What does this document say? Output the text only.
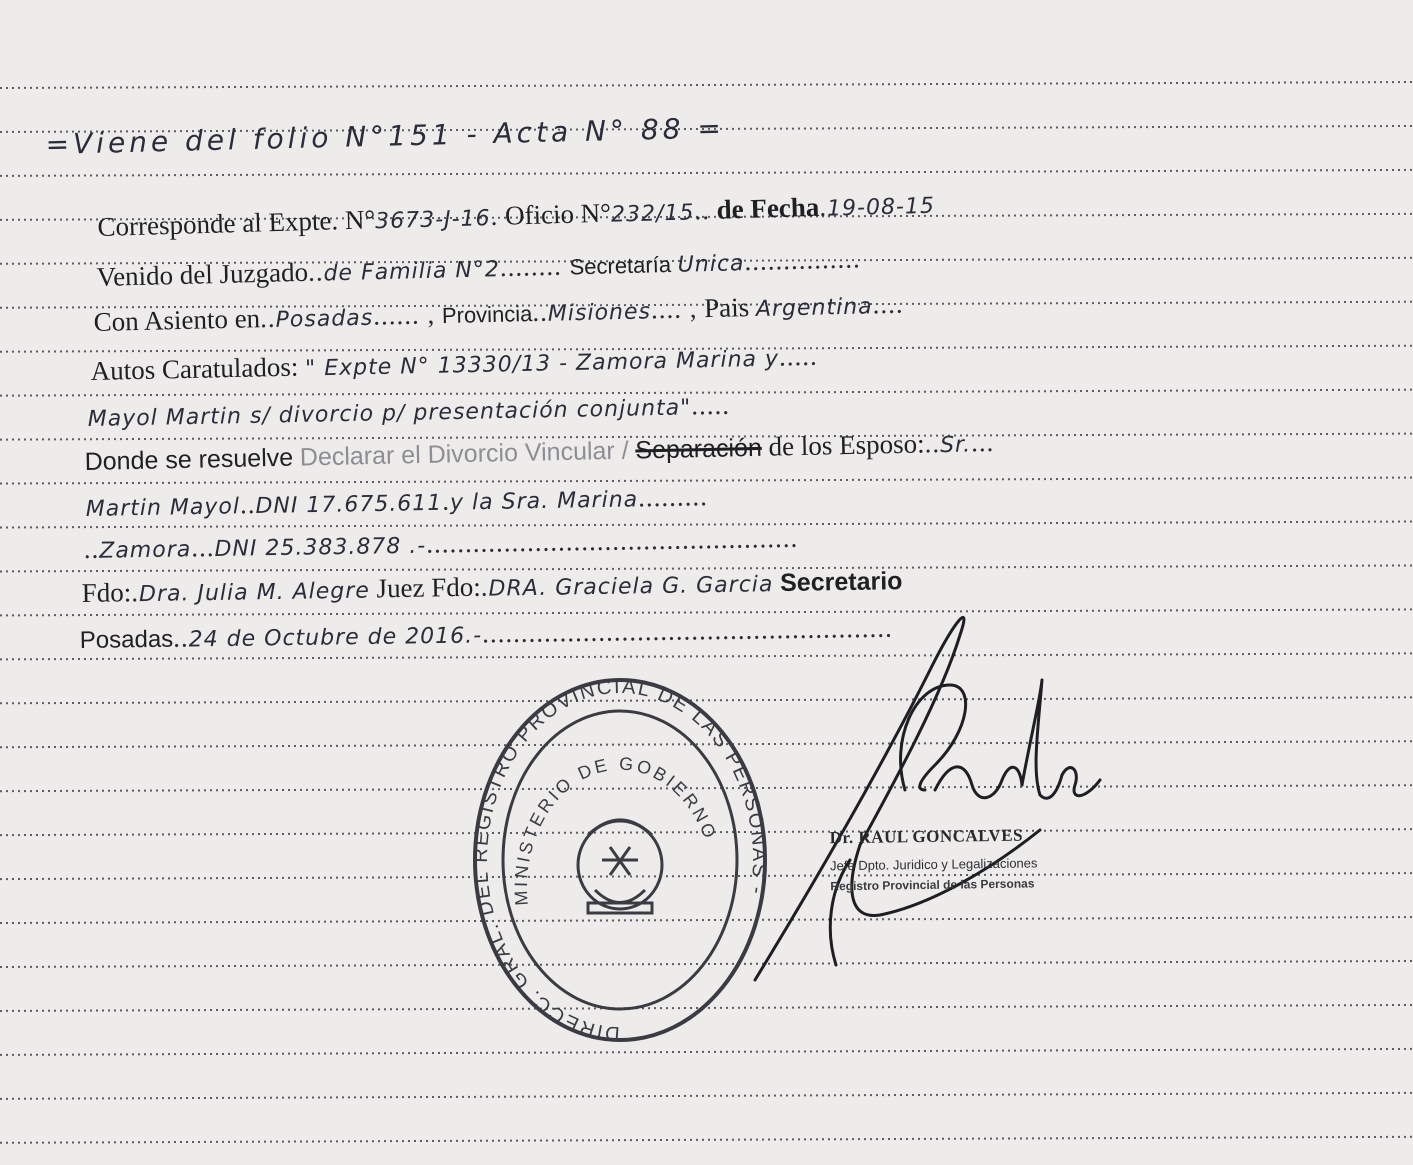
=Viene del folio N°151 - Acta N° 88 =
Corresponde al Expte. N°3673-J-16. Oficio N°232/15.. de Fecha.19-08-15
Venido del Juzgado..de Familia N°2........ Secretaría Unica...............
Con Asiento en..Posadas...... , Provincia..Misiones.... , Pais Argentina....
Autos Caratulados: " Expte N° 13330/13 - Zamora Marina y.....
Mayol Martin s/ divorcio p/ presentación conjunta".....
Donde se resuelve Declarar el Divorcio Vincular / Separación de los Esposo:..Sr....
Martin Mayol..DNI 17.675.611.y la Sra. Marina.........
..Zamora...DNI 25.383.878 .-................................................
Fdo:.Dra. Julia M. Alegre Juez Fdo:.DRA. Graciela G. Garcia Secretario
Posadas..24 de Octubre de 2016.-.....................................................
DIRECC. GRAL. DEL REGISTRO PROVINCIAL DE LAS PERSONAS -
MINISTERIO DE GOBIERNO	Dr. RAUL GONCALVES
Jefe Dpto. Juridico y Legalizaciones
Registro Provincial de las Personas
